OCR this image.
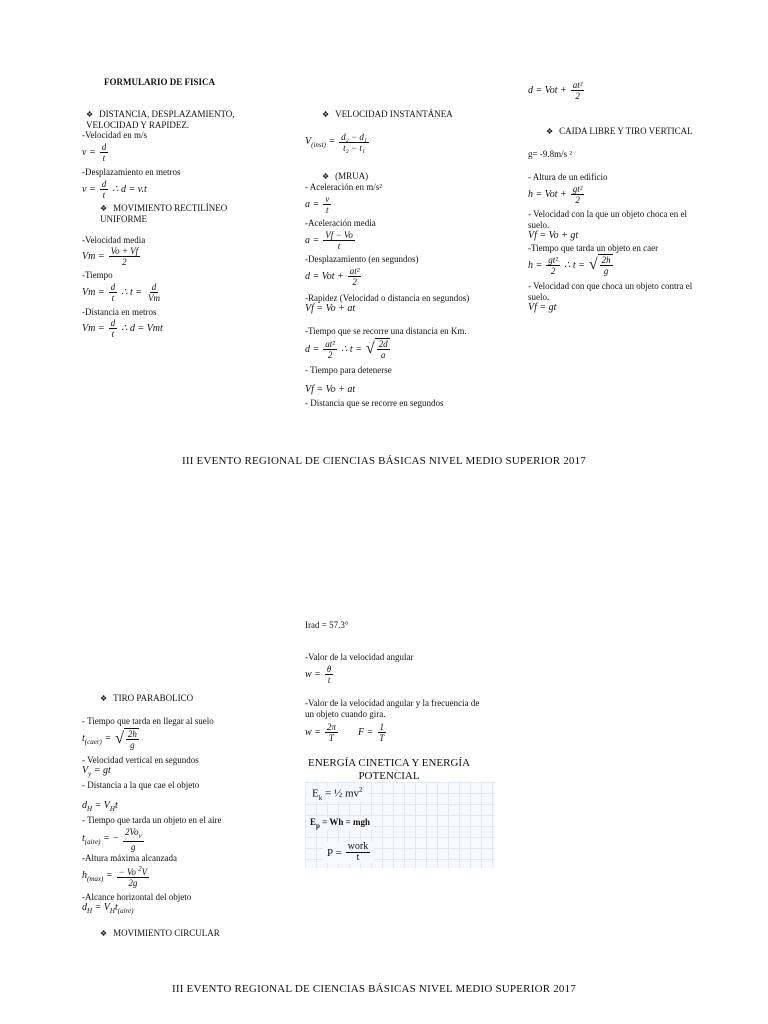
FORMULARIO DE FISICA
❖ DISTANCIA, DESPLAZAMIENTO, VELOCIDAD Y RAPIDEZ.
-Velocidad en m/s
$v = \frac{d}{t}$
-Desplazamiento en metros
$v = \frac{d}{t}$ ∴ d = v.t
❖ MOVIMIENTO RECTILÍNEO UNIFORME
-Velocidad media
$Vm = \frac{Vo + Vf}{2}$
-Tiempo
$Vm = \frac{d}{t}$ ∴ $t = \frac{d}{Vm}$
-Distancia en metros
$Vm = \frac{d}{t}$ ∴ d = Vmt
❖ VELOCIDAD INSTANTÁNEA
$V_{(inst)} = \frac{\text{d₂ − d₁}}{\text{t₂ − t₁}}$
❖ (MRUA)
- Aceleración en m/s²
$a = \frac{v}{t}$
-Aceleración media
$a = \frac{Vf - Vo}{t}$
-Desplazamiento (en segundos)
d = Vot + $\frac{\text{at²}}{2}$
-Rapidez (Velocidad o distancia en segundos)
Vf = Vo + at
-Tiempo que se recorre una distancia en Km.
$d = \frac{\text{at²}}{2}$ ∴ t = √ $\frac{2d}{a}$
- Tiempo para detenerse
Vf = Vo + at
- Distancia que se recorre en segundos
d = Vot + $\frac{\text{at²}}{2}$
❖ CAIDA LIBRE Y TIRO VERTICAL
g= -9.8m/s ²
- Altura de un edificio
h = Vot + $\frac{\text{gt²}}{2}$
- Velocidad con la que un objeto choca en el suelo.
Vf = Vo + gt
-Tiempo que tarda un objeto en caer
$h = \frac{\text{gt²}}{2}$ ∴ t = √ $\frac{2h}{g}$
- Velocidad con que choca un objeto contra el suelo.
Vf = gt
III EVENTO REGIONAL DE CIENCIAS BÁSICAS NIVEL MEDIO SUPERIOR 2017
Irad = 57.3°
-Valor de la velocidad angular
$w = \frac{\theta}{t}$
-Valor de la velocidad angular y la frecuencia de un objeto cuando gira.
$w = \frac{2\pi}{T}$ $F = \frac{1}{T}$
ENERGÍA CINETICA Y ENERGÍA POTENCIAL
$E_k$ = ½ $mv^2$
$E_p = Wh$ = mgh
$P = \frac{\text{work}}{t}$
❖ TIRO PARABOLICO
- Tiempo que tarda en llegar al suelo
$t_{(caer)}$ = √ $\frac{2h}{g}$
- Velocidad vertical en segundos
$V_y$ = gt
- Distancia a la que cae el objeto
$d_H = V_Ht$
- Tiempo que tarda un objeto en el aire
$t_{(aire)}$ = − $\frac{2Vo_v}{g}$
-Altura máxima alcanzada
$h_{(max)} = \frac{- Vo ^2V}{2g}$
-Alcance horizontal del objeto
$d_H = V_Ht_{(aire)}$
❖ MOVIMIENTO CIRCULAR
III EVENTO REGIONAL DE CIENCIAS BÁSICAS NIVEL MEDIO SUPERIOR 2017
